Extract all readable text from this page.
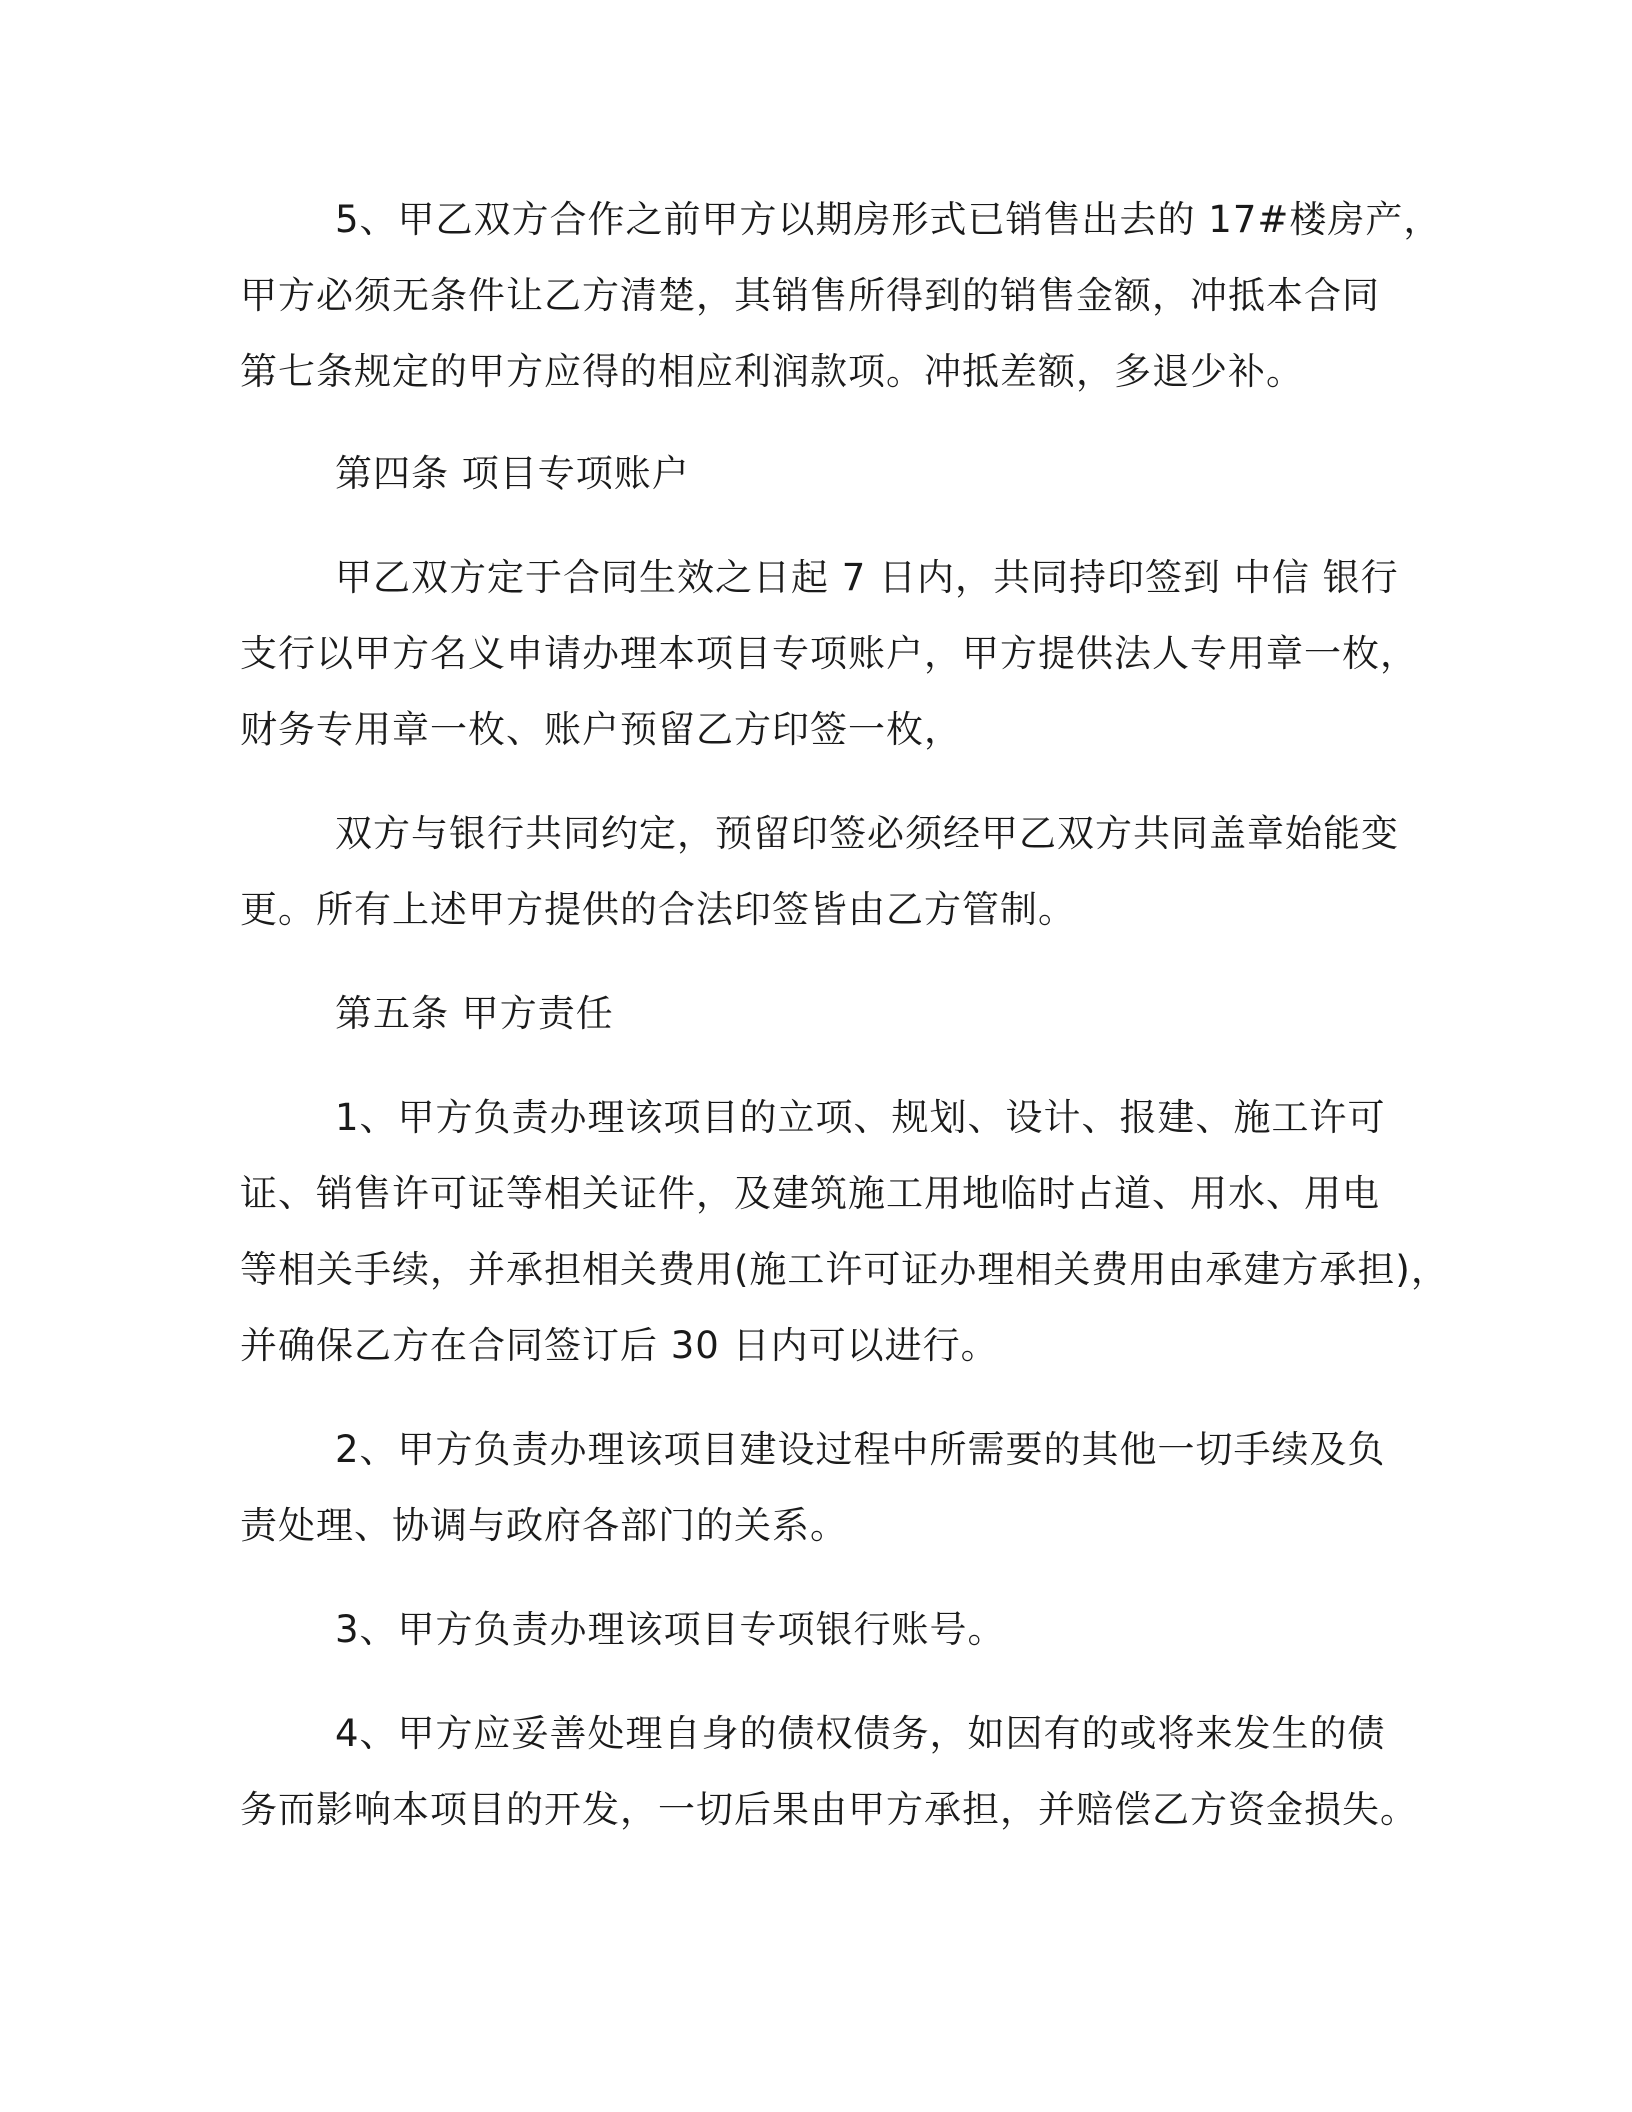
5、甲乙双方合作之前甲方以期房形式已销售出去的 17#楼房产，
甲方必须无条件让乙方清楚，其销售所得到的销售金额，冲抵本合同
第七条规定的甲方应得的相应利润款项。冲抵差额，多退少补。
第四条 项目专项账户
甲乙双方定于合同生效之日起 7 日内，共同持印签到 中信 银行
支行以甲方名义申请办理本项目专项账户，甲方提供法人专用章一枚，
财务专用章一枚、账户预留乙方印签一枚，
双方与银行共同约定，预留印签必须经甲乙双方共同盖章始能变
更。所有上述甲方提供的合法印签皆由乙方管制。
第五条 甲方责任
1、甲方负责办理该项目的立项、规划、设计、报建、施工许可
证、销售许可证等相关证件，及建筑施工用地临时占道、用水、用电
等相关手续，并承担相关费用(施工许可证办理相关费用由承建方承担)，
并确保乙方在合同签订后 30 日内可以进行。
2、甲方负责办理该项目建设过程中所需要的其他一切手续及负
责处理、协调与政府各部门的关系。
3、甲方负责办理该项目专项银行账号。
4、甲方应妥善处理自身的债权债务，如因有的或将来发生的债
务而影响本项目的开发，一切后果由甲方承担，并赔偿乙方资金损失。
